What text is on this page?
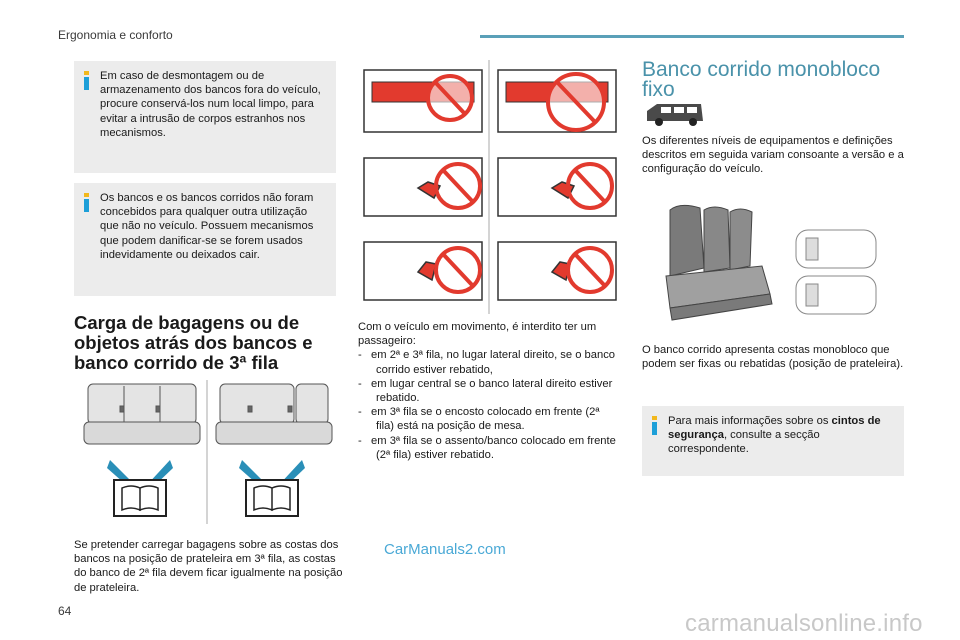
Ergonomia e conforto
Em caso de desmontagem ou de armazenamento dos bancos fora do veículo, procure conservá-los num local limpo, para evitar a intrusão de corpos estranhos nos mecanismos.
Os bancos e os bancos corridos não foram concebidos para qualquer outra utilização que não no veículo. Possuem mecanismos que podem danificar-se se forem usados indevidamente ou deixados cair.
Carga de bagagens ou de objetos atrás dos bancos e banco corrido de 3ª fila
Se pretender carregar bagagens sobre as costas dos bancos na posição de prateleira em 3ª fila, as costas do banco de 2ª fila devem ficar igualmente na posição de prateleira.
Com o veículo em movimento, é interdito ter um passageiro:
-   em 2ª e 3ª fila, no lugar lateral direito, se o banco corrido estiver rebatido,
-   em lugar central se o banco lateral direito estiver rebatido.
-   em 3ª fila se o encosto colocado em frente (2ª fila) está na posição de mesa.
-   em 3ª fila se o assento/banco colocado em frente (2ª fila) estiver rebatido.
Banco corrido monobloco fixo
Os diferentes níveis de equipamentos e definições descritos em seguida variam consoante a versão e a configuração do veículo.
O banco corrido apresenta costas monobloco que podem ser fixas ou rebatidas (posição de prateleira).
Para mais informações sobre os cintos de segurança, consulte a secção correspondente.
CarManuals2.com
64	carmanualsonline.info
